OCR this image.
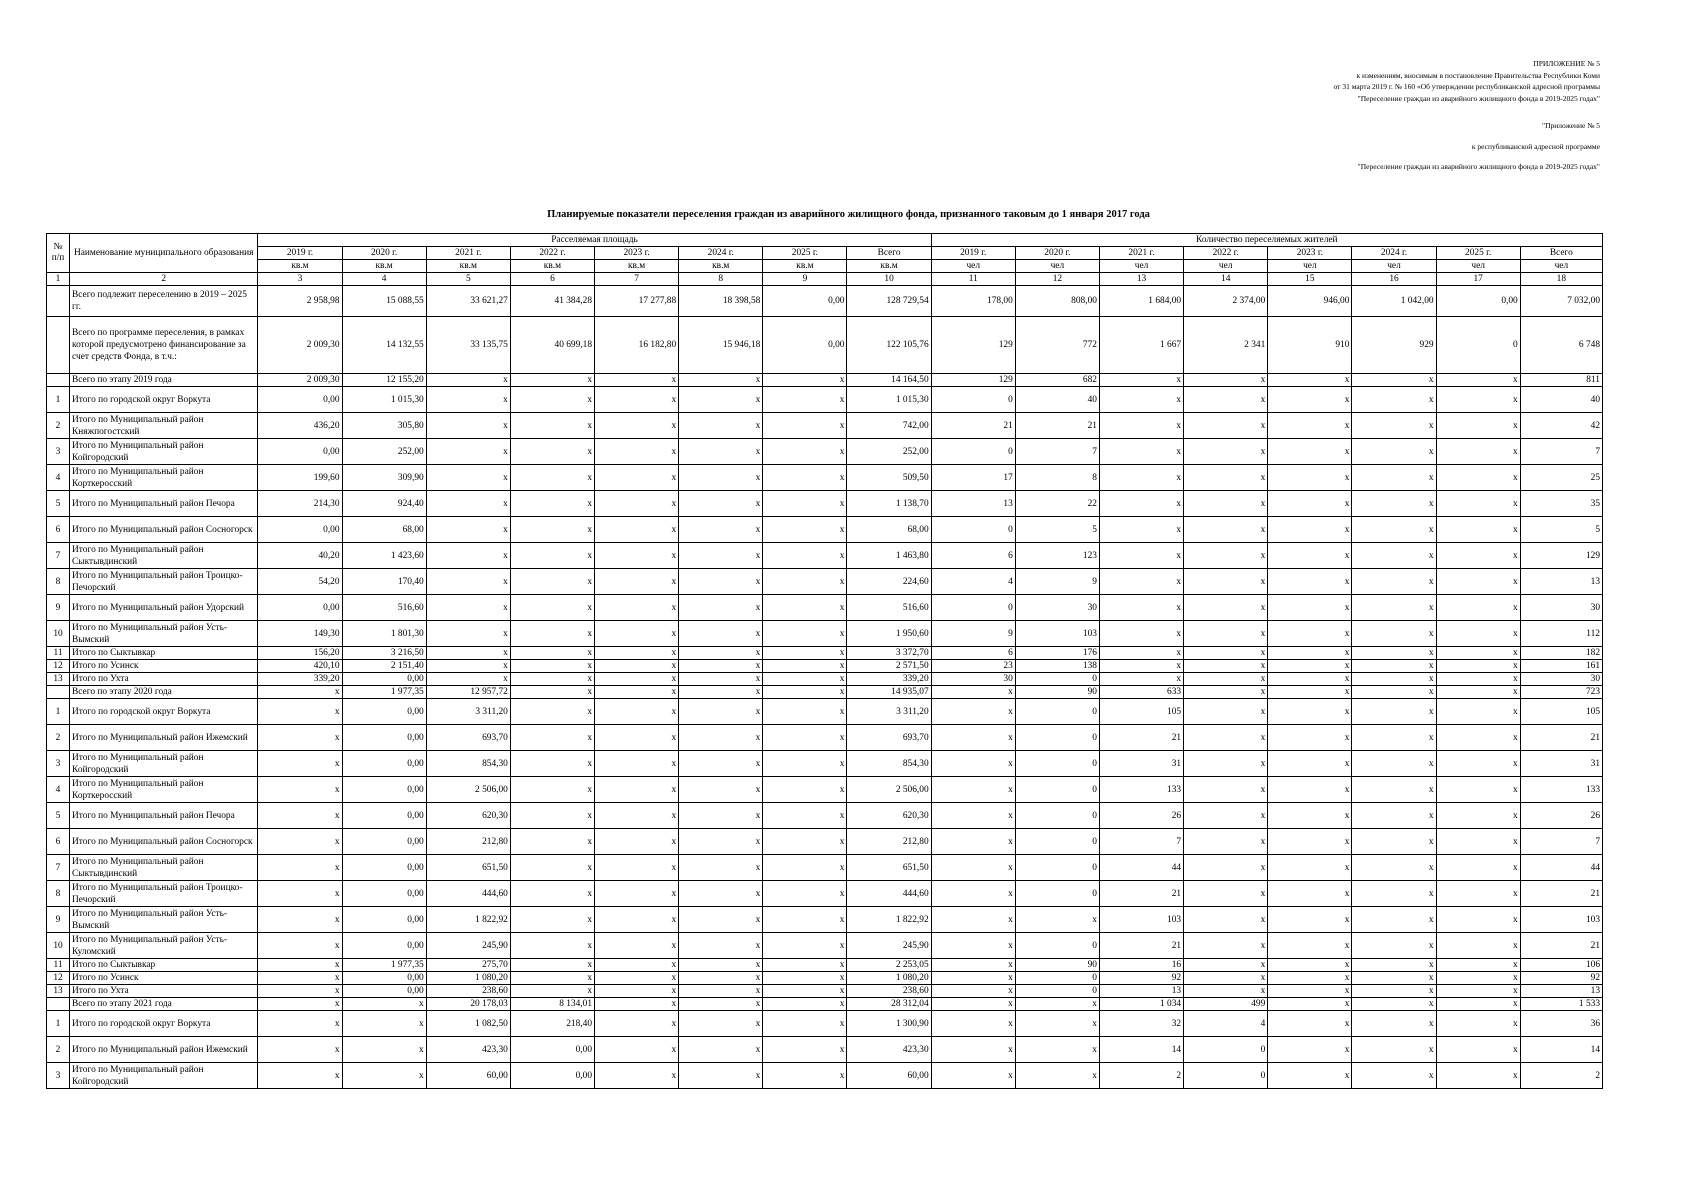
ПРИЛОЖЕНИЕ № 5
к изменениям, вносимым в постановление Правительства Республики Коми
от 31 марта 2019 г. № 160 «Об утверждении республиканской адресной программы
"Переселение граждан из аварийного жилищного фонда в 2019-2025 годах"
"Приложение № 5
к республиканской адресной программе
"Переселение граждан из аварийного жилищного фонда в 2019-2025 годах"
Планируемые показатели переселения граждан из аварийного жилищного фонда, признанного таковым до 1 января 2017 года
№ п/п	Наименование муниципального образования	Расселяемая площадь								Количество переселяемых жителей							
		2019 г.	2020 г.	2021 г.	2022 г.	2023 г.	2024 г.	2025 г.	Всего	2019 г.	2020 г.	2021 г.	2022 г.	2023 г.	2024 г.	2025 г.	Всего
		кв.м	кв.м	кв.м	кв.м	кв.м	кв.м	кв.м	кв.м	чел	чел	чел	чел	чел	чел	чел	чел
1	2	3	4	5	6	7	8	9	10	11	12	13	14	15	16	17	18
	Всего подлежит переселению в 2019 – 2025 гг.	2 958,98	15 088,55	33 621,27	41 384,28	17 277,88	18 398,58	0,00	128 729,54	178,00	808,00	1 684,00	2 374,00	946,00	1 042,00	0,00	7 032,00
	Всего по программе переселения, в рамках которой предусмотрено финансирование за счет средств Фонда, в т.ч.:	2 009,30	14 132,55	33 135,75	40 699,18	16 182,80	15 946,18	0,00	122 105,76	129	772	1 667	2 341	910	929	0	6 748
	Всего по этапу 2019 года	2 009,30	12 155,20	x	x	x	x	x	14 164,50	129	682	x	x	x	x	x	811
1	Итого по городской округ Воркута	0,00	1 015,30	x	x	x	x	x	1 015,30	0	40	x	x	x	x	x	40
2	Итого по Муниципальный район Княжпогостский	436,20	305,80	x	x	x	x	x	742,00	21	21	x	x	x	x	x	42
3	Итого по Муниципальный район Койгородский	0,00	252,00	x	x	x	x	x	252,00	0	7	x	x	x	x	x	7
4	Итого по Муниципальный район Корткеросский	199,60	309,90	x	x	x	x	x	509,50	17	8	x	x	x	x	x	25
5	Итого по Муниципальный район Печора	214,30	924,40	x	x	x	x	x	1 138,70	13	22	x	x	x	x	x	35
6	Итого по Муниципальный район Сосногорск	0,00	68,00	x	x	x	x	x	68,00	0	5	x	x	x	x	x	5
7	Итого по Муниципальный район Сыктывдинский	40,20	1 423,60	x	x	x	x	x	1 463,80	6	123	x	x	x	x	x	129
8	Итого по Муниципальный район Троицко-Печорский	54,20	170,40	x	x	x	x	x	224,60	4	9	x	x	x	x	x	13
9	Итого по Муниципальный район Удорский	0,00	516,60	x	x	x	x	x	516,60	0	30	x	x	x	x	x	30
10	Итого по Муниципальный район Усть-Вымский	149,30	1 801,30	x	x	x	x	x	1 950,60	9	103	x	x	x	x	x	112
11	Итого по Сыктывкар	156,20	3 216,50	x	x	x	x	x	3 372,70	6	176	x	x	x	x	x	182
12	Итого по Усинск	420,10	2 151,40	x	x	x	x	x	2 571,50	23	138	x	x	x	x	x	161
13	Итого по Ухта	339,20	0,00	x	x	x	x	x	339,20	30	0	x	x	x	x	x	30
	Всего по этапу 2020 года	x	1 977,35	12 957,72	x	x	x	x	14 935,07	x	90	633	x	x	x	x	723
1	Итого по городской округ Воркута	x	0,00	3 311,20	x	x	x	x	3 311,20	x	0	105	x	x	x	x	105
2	Итого по Муниципальный район Ижемский	x	0,00	693,70	x	x	x	x	693,70	x	0	21	x	x	x	x	21
3	Итого по Муниципальный район Койгородский	x	0,00	854,30	x	x	x	x	854,30	x	0	31	x	x	x	x	31
4	Итого по Муниципальный район Корткеросский	x	0,00	2 506,00	x	x	x	x	2 506,00	x	0	133	x	x	x	x	133
5	Итого по Муниципальный район Печора	x	0,00	620,30	x	x	x	x	620,30	x	0	26	x	x	x	x	26
6	Итого по Муниципальный район Сосногорск	x	0,00	212,80	x	x	x	x	212,80	x	0	7	x	x	x	x	7
7	Итого по Муниципальный район Сыктывдинский	x	0,00	651,50	x	x	x	x	651,50	x	0	44	x	x	x	x	44
8	Итого по Муниципальный район Троицко-Печорский	x	0,00	444,60	x	x	x	x	444,60	x	0	21	x	x	x	x	21
9	Итого по Муниципальный район Усть-Вымский	x	0,00	1 822,92	x	x	x	x	1 822,92	x	x	103	x	x	x	x	103
10	Итого по Муниципальный район Усть-Куломский	x	0,00	245,90	x	x	x	x	245,90	x	0	21	x	x	x	x	21
11	Итого по Сыктывкар	x	1 977,35	275,70	x	x	x	x	2 253,05	x	90	16	x	x	x	x	106
12	Итого по Усинск	x	0,00	1 080,20	x	x	x	x	1 080,20	x	0	92	x	x	x	x	92
13	Итого по Ухта	x	0,00	238,60	x	x	x	x	238,60	x	0	13	x	x	x	x	13
	Всего по этапу 2021 года	x	x	20 178,03	8 134,01	x	x	x	28 312,04	x	x	1 034	499	x	x	x	1 533
1	Итого по городской округ Воркута	x	x	1 082,50	218,40	x	x	x	1 300,90	x	x	32	4	x	x	x	36
2	Итого по Муниципальный район Ижемский	x	x	423,30	0,00	x	x	x	423,30	x	x	14	0	x	x	x	14
3	Итого по Муниципальный район Койгородский	x	x	60,00	0,00	x	x	x	60,00	x	x	2	0	x	x	x	2
